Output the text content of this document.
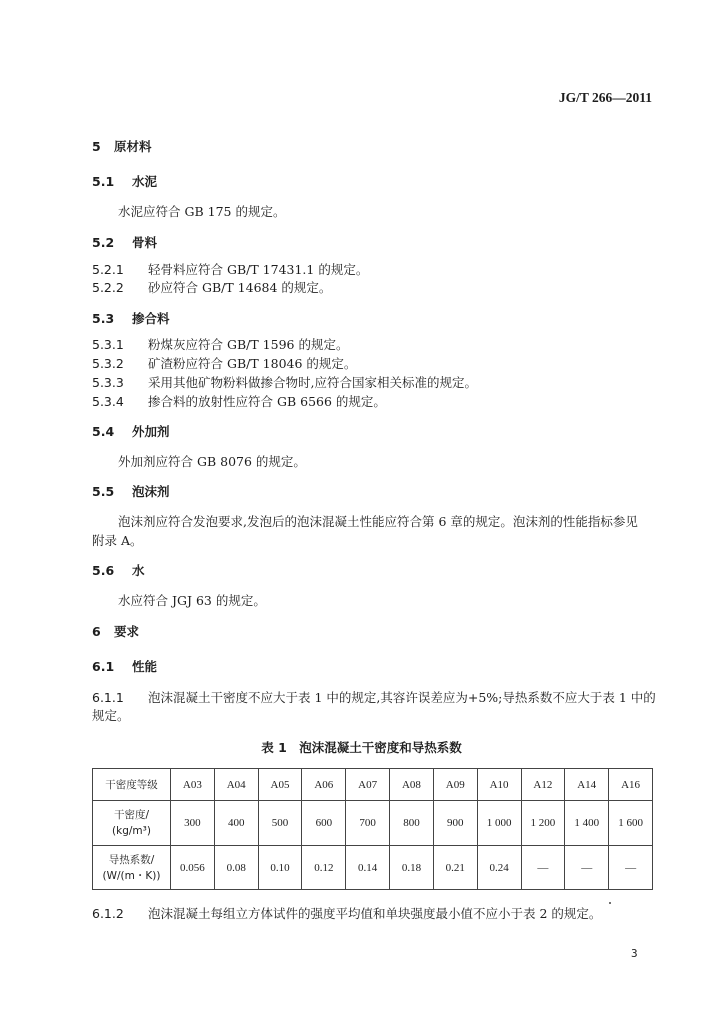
JG/T 266—2011
5 原材料
5.1 水泥
水泥应符合 GB 175 的规定。
5.2 骨料
5.2.1 轻骨料应符合 GB/T 17431.1 的规定。
5.2.2 砂应符合 GB/T 14684 的规定。
5.3 掺合料
5.3.1 粉煤灰应符合 GB/T 1596 的规定。
5.3.2 矿渣粉应符合 GB/T 18046 的规定。
5.3.3 采用其他矿物粉料做掺合物时,应符合国家相关标准的规定。
5.3.4 掺合料的放射性应符合 GB 6566 的规定。
5.4 外加剂
外加剂应符合 GB 8076 的规定。
5.5 泡沫剂
泡沫剂应符合发泡要求,发泡后的泡沫混凝土性能应符合第 6 章的规定。泡沫剂的性能指标参见
附录 A。
5.6 水
水应符合 JGJ 63 的规定。
6 要求
6.1 性能
6.1.1 泡沫混凝土干密度不应大于表 1 中的规定,其容许误差应为+5%;导热系数不应大于表 1 中的
规定。
表 1　泡沫混凝土干密度和导热系数
干密度等级	A03	A04	A05	A06	A07	A08	A09	A10	A12	A14	A16

干密度/
(kg/m³)	300	400	500	600	700	800	900	1 000	1 200	1 400	1 600

导热系数/
(W/(m・K))	0.056	0.08	0.10	0.12	0.14	0.18	0.21	0.24	—	—	—
6.1.2 泡沫混凝土每组立方体试件的强度平均值和单块强度最小值不应小于表 2 的规定。
3
